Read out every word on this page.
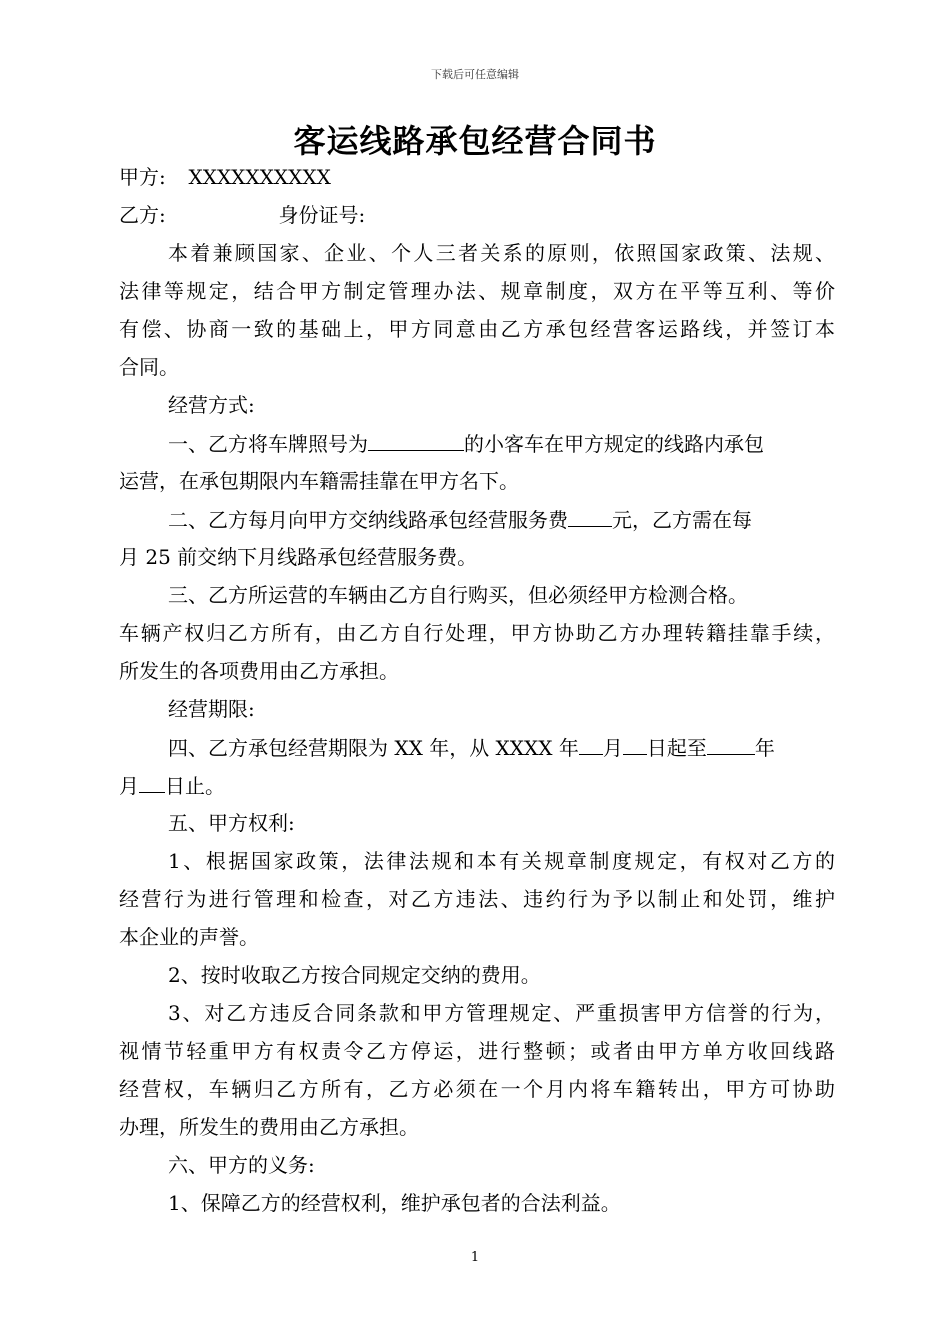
下载后可任意编辑
客运线路承包经营合同书
甲方: XXXXXXXXXX
乙方:	身份证号:
本着兼顾国家、企业、个人三者关系的原则，依照国家政策、法规、
法律等规定，结合甲方制定管理办法、规章制度，双方在平等互利、等价
有偿、协商一致的基础上，甲方同意由乙方承包经营客运路线，并签订本
合同。
经营方式:
一、乙方将车牌照号为	的小客车在甲方规定的线路内承包
运营，在承包期限内车籍需挂靠在甲方名下。
二、乙方每月向甲方交纳线路承包经营服务费 元，乙方需在每
月 25 前交纳下月线路承包经营服务费。
三、乙方所运营的车辆由乙方自行购买，但必须经甲方检测合格。
车辆产权归乙方所有，由乙方自行处理，甲方协助乙方办理转籍挂靠手续，
所发生的各项费用由乙方承担。
经营期限:
四、乙方承包经营期限为 XX 年，从 XXXX 年 月 日起至 年
月 日止。
五、甲方权利:
1、根据国家政策，法律法规和本有关规章制度规定，有权对乙方的
经营行为进行管理和检查，对乙方违法、违约行为予以制止和处罚，维护
本企业的声誉。
2、按时收取乙方按合同规定交纳的费用。
3、对乙方违反合同条款和甲方管理规定、严重损害甲方信誉的行为，
视情节轻重甲方有权责令乙方停运，进行整顿；或者由甲方单方收回线路
经营权，车辆归乙方所有，乙方必须在一个月内将车籍转出，甲方可协助
办理，所发生的费用由乙方承担。
六、甲方的义务:
1、保障乙方的经营权利，维护承包者的合法利益。
1
